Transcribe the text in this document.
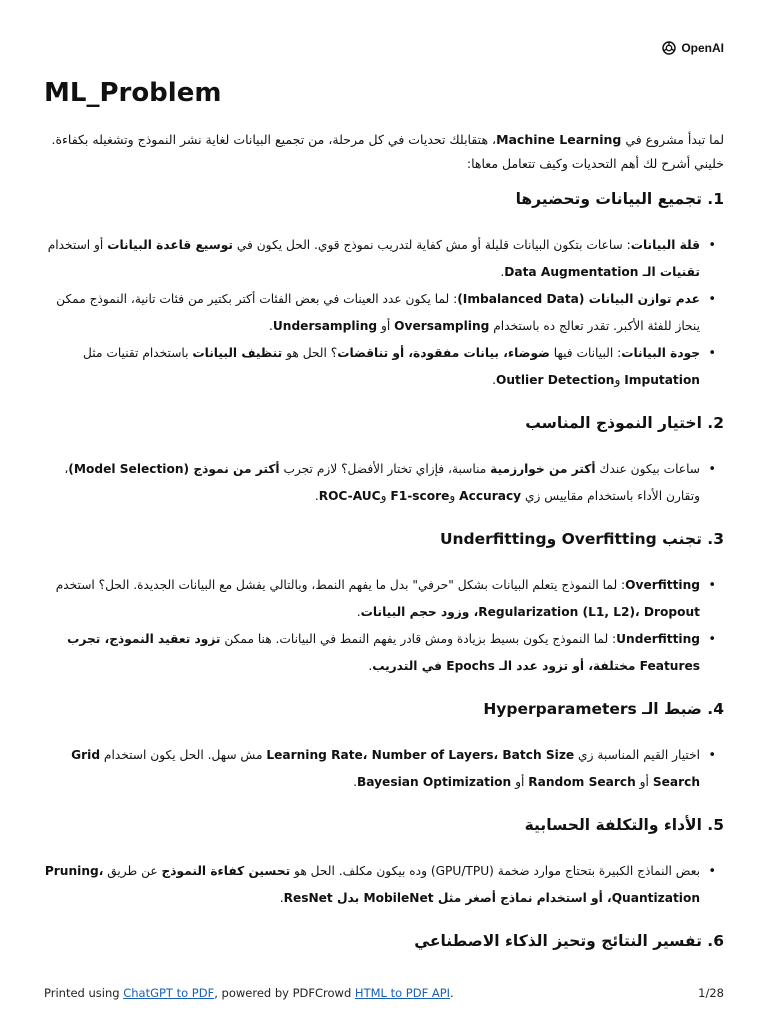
OpenAI
ML_Problem

لما تبدأ مشروع في Machine Learning، هتقابلك تحديات في كل مرحلة، من تجميع البيانات لغاية نشر النموذج وتشغيله بكفاءة. خليني أشرح لك أهم التحديات وكيف تتعامل معاها:

1. تجميع البيانات وتحضيرها
• قلة البيانات: ساعات بتكون البيانات قليلة أو مش كفاية لتدريب نموذج قوي. الحل يكون في توسيع قاعدة البيانات أو استخدام تقنيات الـ Data Augmentation.
• عدم توازن البيانات (Imbalanced Data): لما يكون عدد العينات في بعض الفئات أكتر بكتير من فئات تانية، النموذج ممكن ينحاز للفئة الأكبر. تقدر تعالج ده باستخدام Oversampling أو Undersampling.
• جودة البيانات: البيانات فيها ضوضاء، بيانات مفقودة، أو تناقضات؟ الحل هو تنظيف البيانات باستخدام تقنيات مثل Imputation وOutlier Detection.
2. اختيار النموذج المناسب
• ساعات بيكون عندك أكتر من خوارزمية مناسبة، فإزاي تختار الأفضل؟ لازم تجرب أكتر من نموذج (Model Selection)، وتقارن الأداء باستخدام مقاييس زي Accuracy وF1-score وROC-AUC.
3. تجنب Overfitting وUnderfitting
• Overfitting: لما النموذج يتعلم البيانات بشكل "حرفي" بدل ما يفهم النمط، وبالتالي يفشل مع البيانات الجديدة. الحل؟ استخدم Regularization (L1, L2)، Dropout، وزود حجم البيانات.
• Underfitting: لما النموذج يكون بسيط بزيادة ومش قادر يفهم النمط في البيانات. هنا ممكن تزود تعقيد النموذج، تجرب Features مختلفة، أو تزود عدد الـ Epochs في التدريب.
4. ضبط الـ Hyperparameters
• اختيار القيم المناسبة زي Learning Rate، Number of Layers، Batch Size مش سهل. الحل يكون استخدام Grid Search أو Random Search أو Bayesian Optimization.
5. الأداء والتكلفة الحسابية
• بعض النماذج الكبيرة بتحتاج موارد ضخمة (GPU/TPU) وده بيكون مكلف. الحل هو تحسين كفاءة النموذج عن طريق Pruning، Quantization، أو استخدام نماذج أصغر مثل MobileNet بدل ResNet.
6. تفسير النتائج وتحيز الذكاء الاصطناعي
Printed using ChatGPT to PDF, powered by PDFCrowd HTML to PDF API.	1/28
